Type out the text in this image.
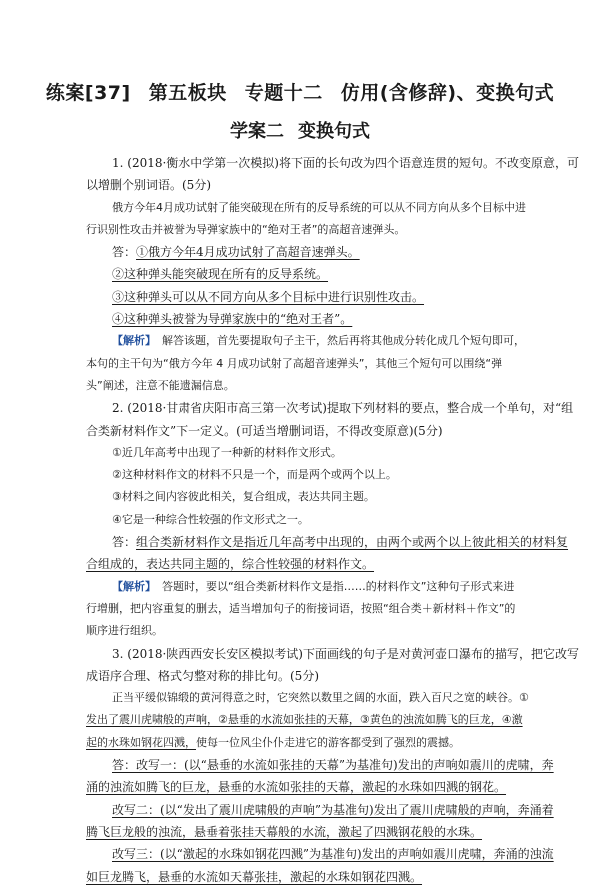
练案[37] 第五板块 专题十二 仿用(含修辞)、变换句式
学案二 变换句式
1. (2018·衡水中学第一次模拟)将下面的长句改为四个语意连贯的短句。不改变原意，可
以增删个别词语。(5分)
俄方今年4月成功试射了能突破现在所有的反导系统的可以从不同方向从多个目标中进
行识别性攻击并被誉为导弹家族中的“绝对王者”的高超音速弹头。
答：①俄方今年4月成功试射了高超音速弹头。
②这种弹头能突破现在所有的反导系统。
③这种弹头可以从不同方向从多个目标中进行识别性攻击。
④这种弹头被誉为导弹家族中的“绝对王者”。
【解析】 解答该题，首先要提取句子主干，然后再将其他成分转化成几个短句即可，
本句的主干句为“俄方今年 4 月成功试射了高超音速弹头”，其他三个短句可以围绕“弹
头”阐述，注意不能遗漏信息。
2. (2018·甘肃省庆阳市高三第一次考试)提取下列材料的要点，整合成一个单句，对“组
合类新材料作文”下一定义。(可适当增删词语，不得改变原意)(5分)
①近几年高考中出现了一种新的材料作文形式。
②这种材料作文的材料不只是一个，而是两个或两个以上。
③材料之间内容彼此相关，复合组成，表达共同主题。
④它是一种综合性较强的作文形式之一。
答：组合类新材料作文是指近几年高考中出现的，由两个或两个以上彼此相关的材料复
合组成的，表达共同主题的，综合性较强的材料作文。
【解析】 答题时，要以“组合类新材料作文是指……的材料作文”这种句子形式来进
行增删，把内容重复的删去，适当增加句子的衔接词语，按照“组合类＋新材料＋作文”的
顺序进行组织。
3. (2018·陕西西安长安区模拟考试)下面画线的句子是对黄河壶口瀑布的描写，把它改写
成语序合理、格式匀整对称的排比句。(5分)
正当平缓似锦缎的黄河得意之时，它突然以数里之阔的水面，跌入百尺之宽的峡谷。①
发出了震川虎啸般的声响，②悬垂的水流如张挂的天幕，③黄色的浊流如腾飞的巨龙，④激
起的水珠如钢花四溅，使每一位风尘仆仆走进它的游客都受到了强烈的震撼。
答：改写一：(以“悬垂的水流如张挂的天幕”为基准句)发出的声响如震川的虎啸，奔
涌的浊流如腾飞的巨龙，悬垂的水流如张挂的天幕，激起的水珠如四溅的钢花。
改写二：(以“发出了震川虎啸般的声响”为基准句)发出了震川虎啸般的声响，奔涌着
腾飞巨龙般的浊流，悬垂着张挂天幕般的水流，激起了四溅钢花般的水珠。
改写三：(以“激起的水珠如钢花四溅”为基准句)发出的声响如震川虎啸，奔涌的浊流
如巨龙腾飞，悬垂的水流如天幕张挂，激起的水珠如钢花四溅。
